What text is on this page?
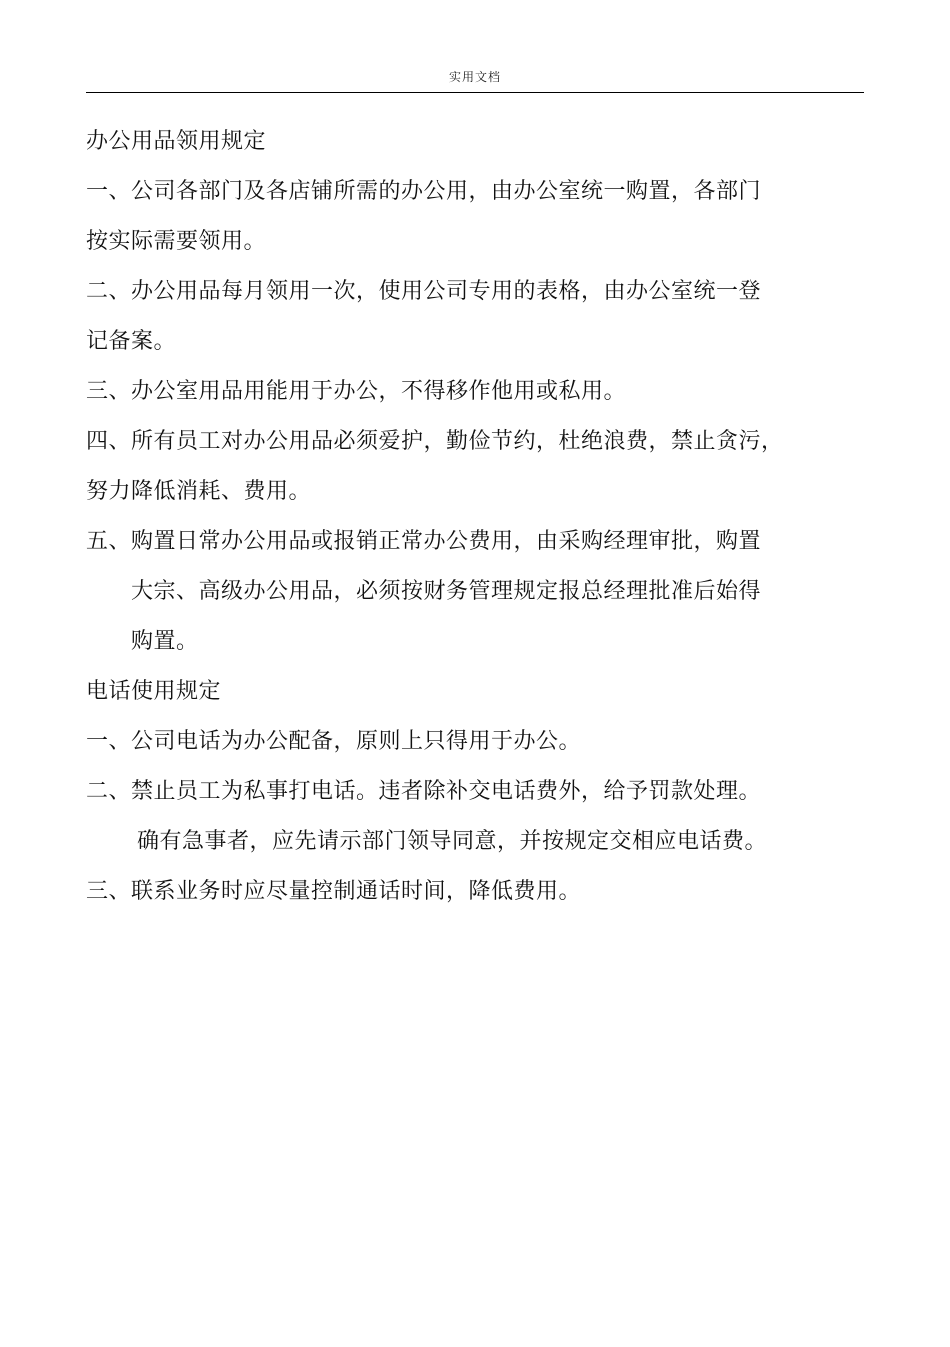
实用文档
办公用品领用规定
一、公司各部门及各店铺所需的办公用，由办公室统一购置，各部门
按实际需要领用。
二、办公用品每月领用一次，使用公司专用的表格，由办公室统一登
记备案。
三、办公室用品用能用于办公，不得移作他用或私用。
四、所有员工对办公用品必须爱护，勤俭节约，杜绝浪费，禁止贪污，
努力降低消耗、费用。
五、购置日常办公用品或报销正常办公费用，由采购经理审批，购置
大宗、高级办公用品，必须按财务管理规定报总经理批准后始得
购置。
电话使用规定
一、公司电话为办公配备，原则上只得用于办公。
二、禁止员工为私事打电话。违者除补交电话费外，给予罚款处理。
确有急事者，应先请示部门领导同意，并按规定交相应电话费。
三、联系业务时应尽量控制通话时间，降低费用。
